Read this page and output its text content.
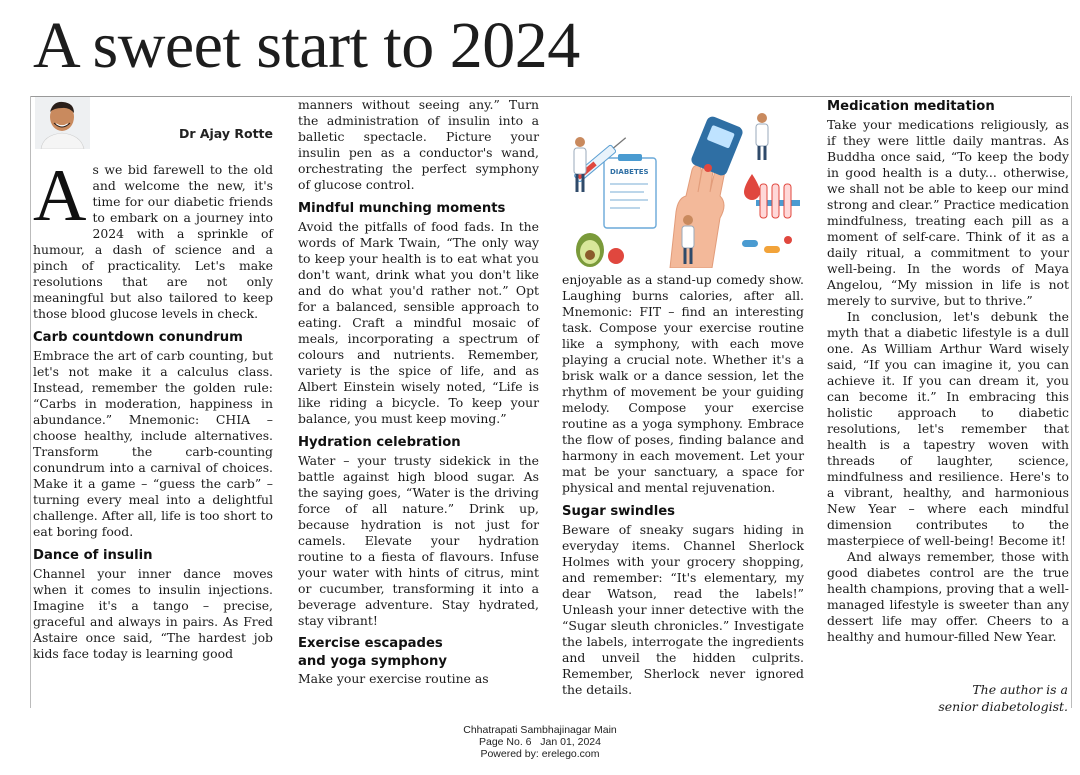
A sweet start to 2024
Dr Ajay Rotte

As we bid farewell to the old and welcome the new, it's time for our diabetic friends to embark on a journey into 2024 with a sprinkle of humour, a dash of science and a pinch of practicality. Let's make resolutions that are not only meaningful but also tailored to keep those blood glucose levels in check.

Carb countdown conundrum

Embrace the art of carb counting, but let's not make it a calculus class. Instead, remember the golden rule: “Carbs in moderation, happiness in abundance.” Mnemonic: CHIA – choose healthy, include alternatives. Transform the carb-counting conundrum into a carnival of choices. Make it a game – “guess the carb” – turning every meal into a delightful challenge. After all, life is too short to eat boring food.

Dance of insulin

Channel your inner dance moves when it comes to insulin injections. Imagine it's a tango – precise, graceful and always in pairs. As Fred Astaire once said, “The hardest job kids face today is learning good

manners without seeing any.” Turn the administration of insulin into a balletic spectacle. Picture your insulin pen as a conductor's wand, orchestrating the perfect symphony of glucose control.

Mindful munching moments

Avoid the pitfalls of food fads. In the words of Mark Twain, “The only way to keep your health is to eat what you don't want, drink what you don't like and do what you'd rather not.” Opt for a balanced, sensible approach to eating. Craft a mindful mosaic of meals, incorporating a spectrum of colours and nutrients. Remember, variety is the spice of life, and as Albert Einstein wisely noted, “Life is like riding a bicycle. To keep your balance, you must keep moving.”

Hydration celebration

Water – your trusty sidekick in the battle against high blood sugar. As the saying goes, “Water is the driving force of all nature.” Drink up, because hydration is not just for camels. Elevate your hydration routine to a fiesta of flavours. Infuse your water with hints of citrus, mint or cucumber, transforming it into a beverage adventure. Stay hydrated, stay vibrant!

Exercise escapades
and yoga symphony

Make your exercise routine as

DIABETES

enjoyable as a stand-up comedy show. Laughing burns calories, after all. Mnemonic: FIT – find an interesting task. Compose your exercise routine like a symphony, with each move playing a crucial note. Whether it's a brisk walk or a dance session, let the rhythm of movement be your guiding melody. Compose your exercise routine as a yoga symphony. Embrace the flow of poses, finding balance and harmony in each movement. Let your mat be your sanctuary, a space for physical and mental rejuvenation.

Sugar swindles

Beware of sneaky sugars hiding in everyday items. Channel Sherlock Holmes with your grocery shopping, and remember: “It's elementary, my dear Watson, read the labels!” Unleash your inner detective with the “Sugar sleuth chronicles.” Investigate the labels, interrogate the ingredients and unveil the hidden culprits. Remember, Sherlock never ignored the details.

Medication meditation

Take your medications religiously, as if they were little daily mantras. As Buddha once said, “To keep the body in good health is a duty... otherwise, we shall not be able to keep our mind strong and clear.” Practice medication mindfulness, treating each pill as a moment of self-care. Think of it as a daily ritual, a commitment to your well-being. In the words of Maya Angelou, “My mission in life is not merely to survive, but to thrive.”

In conclusion, let's debunk the myth that a diabetic lifestyle is a dull one. As William Arthur Ward wisely said, “If you can imagine it, you can achieve it. If you can dream it, you can become it.” In embracing this holistic approach to diabetic resolutions, let's remember that health is a tapestry woven with threads of laughter, science, mindfulness and resilience. Here's to a vibrant, healthy, and harmonious New Year – where each mindful dimension contributes to the masterpiece of well-being! Become it!

And always remember, those with good diabetes control are the true health champions, proving that a well-managed lifestyle is sweeter than any dessert life may offer. Cheers to a healthy and humour-filled New Year.

The author is a
senior diabetologist.
Chhatrapati Sambhajinagar Main
Page No. 6   Jan 01, 2024
Powered by: erelego.com
